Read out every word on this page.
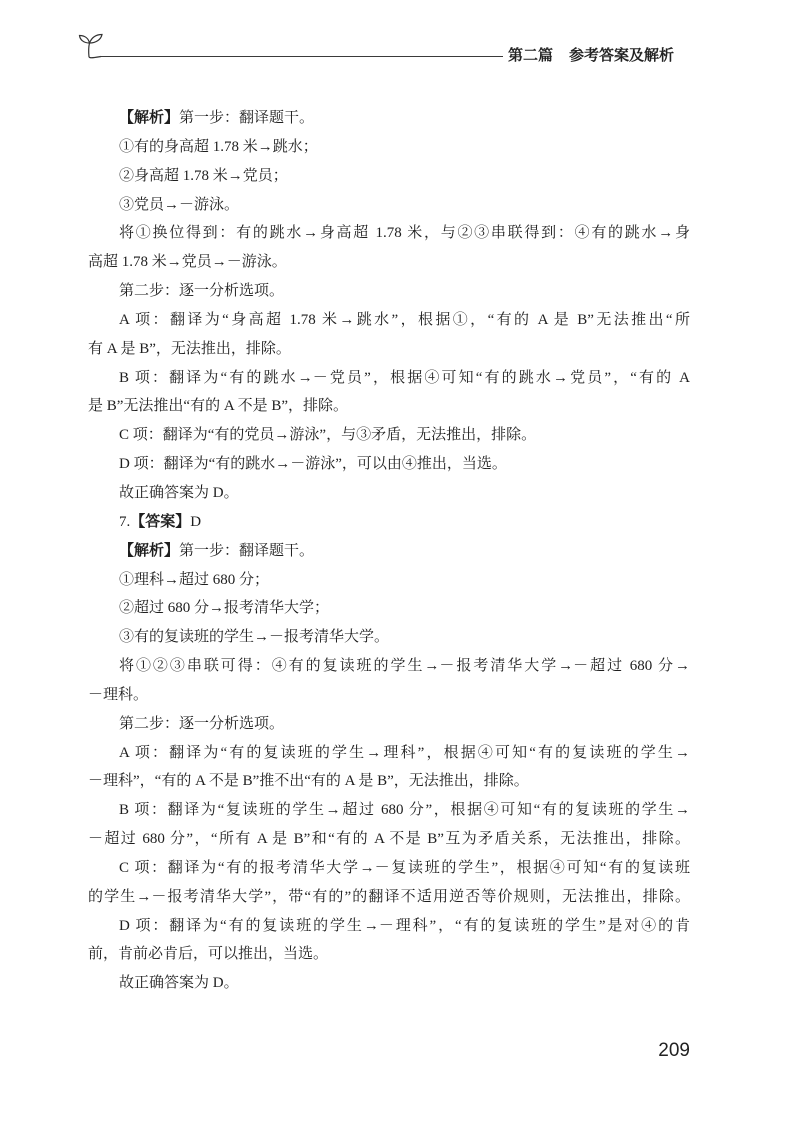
第二篇 参考答案及解析
【解析】第一步：翻译题干。
①有的身高超 1.78 米→跳水；
②身高超 1.78 米→党员；
③党员→－游泳。
将①换位得到：有的跳水→身高超 1.78 米，与②③串联得到：④有的跳水→身
高超 1.78 米→党员→－游泳。
第二步：逐一分析选项。
A 项：翻译为“身高超 1.78 米→跳水”，根据①，“有的 A 是 B”无法推出“所
有 A 是 B”，无法推出，排除。
B 项：翻译为“有的跳水→－党员”，根据④可知“有的跳水→党员”，“有的 A
是 B”无法推出“有的 A 不是 B”，排除。
C 项：翻译为“有的党员→游泳”，与③矛盾，无法推出，排除。
D 项：翻译为“有的跳水→－游泳”，可以由④推出，当选。
故正确答案为 D。
7.【答案】D
【解析】第一步：翻译题干。
①理科→超过 680 分；
②超过 680 分→报考清华大学；
③有的复读班的学生→－报考清华大学。
将①②③串联可得：④有的复读班的学生→－报考清华大学→－超过 680 分→
－理科。
第二步：逐一分析选项。
A 项：翻译为“有的复读班的学生→理科”，根据④可知“有的复读班的学生→
－理科”，“有的 A 不是 B”推不出“有的 A 是 B”，无法推出，排除。
B 项：翻译为“复读班的学生→超过 680 分”，根据④可知“有的复读班的学生→
－超过 680 分”，“所有 A 是 B”和“有的 A 不是 B”互为矛盾关系，无法推出，排除。
C 项：翻译为“有的报考清华大学→－复读班的学生”，根据④可知“有的复读班
的学生→－报考清华大学”，带“有的”的翻译不适用逆否等价规则，无法推出，排除。
D 项：翻译为“有的复读班的学生→－理科”，“有的复读班的学生”是对④的肯
前，肯前必肯后，可以推出，当选。
故正确答案为 D。
209
